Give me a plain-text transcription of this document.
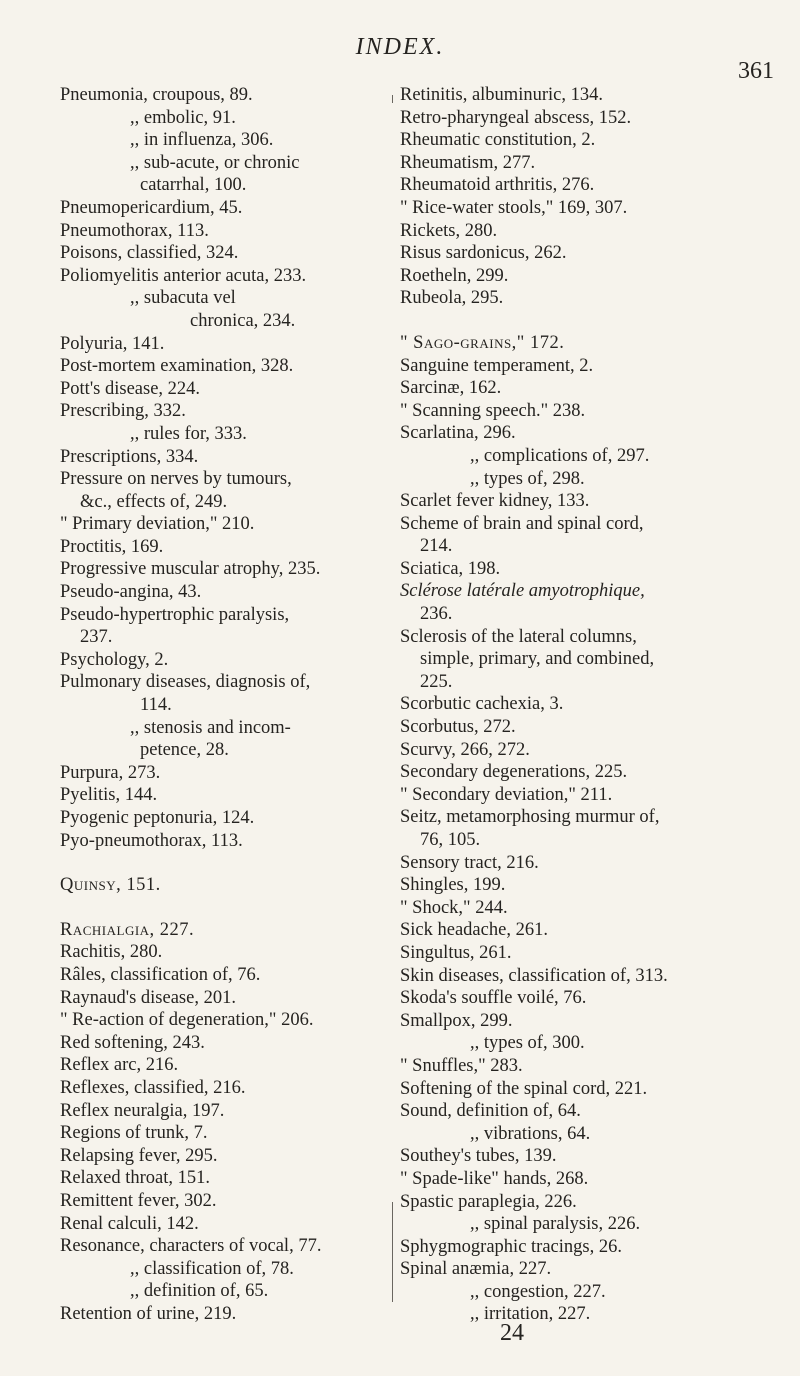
INDEX.
361
Pneumonia, croupous, 89.
,, embolic, 91.
,, in influenza, 306.
,, sub-acute, or chronic
catarrhal, 100.
Pneumopericardium, 45.
Pneumothorax, 113.
Poisons, classified, 324.
Poliomyelitis anterior acuta, 233.
,, subacuta vel
chronica, 234.
Polyuria, 141.
Post-mortem examination, 328.
Pott's disease, 224.
Prescribing, 332.
,, rules for, 333.
Prescriptions, 334.
Pressure on nerves by tumours,
&c., effects of, 249.
" Primary deviation," 210.
Proctitis, 169.
Progressive muscular atrophy, 235.
Pseudo-angina, 43.
Pseudo-hypertrophic paralysis,
237.
Psychology, 2.
Pulmonary diseases, diagnosis of,
114.
,, stenosis and incom-
petence, 28.
Purpura, 273.
Pyelitis, 144.
Pyogenic peptonuria, 124.
Pyo-pneumothorax, 113.
Quinsy, 151.
Rachialgia, 227.
Rachitis, 280.
Râles, classification of, 76.
Raynaud's disease, 201.
" Re-action of degeneration," 206.
Red softening, 243.
Reflex arc, 216.
Reflexes, classified, 216.
Reflex neuralgia, 197.
Regions of trunk, 7.
Relapsing fever, 295.
Relaxed throat, 151.
Remittent fever, 302.
Renal calculi, 142.
Resonance, characters of vocal, 77.
,, classification of, 78.
,, definition of, 65.
Retention of urine, 219.
Retinitis, albuminuric, 134.
Retro-pharyngeal abscess, 152.
Rheumatic constitution, 2.
Rheumatism, 277.
Rheumatoid arthritis, 276.
" Rice-water stools," 169, 307.
Rickets, 280.
Risus sardonicus, 262.
Roetheln, 299.
Rubeola, 295.
" Sago-grains," 172.
Sanguine temperament, 2.
Sarcinæ, 162.
" Scanning speech." 238.
Scarlatina, 296.
,, complications of, 297.
,, types of, 298.
Scarlet fever kidney, 133.
Scheme of brain and spinal cord,
214.
Sciatica, 198.
Sclérose latérale amyotrophique,
236.
Sclerosis of the lateral columns,
simple, primary, and combined,
225.
Scorbutic cachexia, 3.
Scorbutus, 272.
Scurvy, 266, 272.
Secondary degenerations, 225.
" Secondary deviation," 211.
Seitz, metamorphosing murmur of,
76, 105.
Sensory tract, 216.
Shingles, 199.
" Shock," 244.
Sick headache, 261.
Singultus, 261.
Skin diseases, classification of, 313.
Skoda's souffle voilé, 76.
Smallpox, 299.
,, types of, 300.
" Snuffles," 283.
Softening of the spinal cord, 221.
Sound, definition of, 64.
,, vibrations, 64.
Southey's tubes, 139.
" Spade-like" hands, 268.
Spastic paraplegia, 226.
,, spinal paralysis, 226.
Sphygmographic tracings, 26.
Spinal anæmia, 227.
,, congestion, 227.
,, irritation, 227.
24
